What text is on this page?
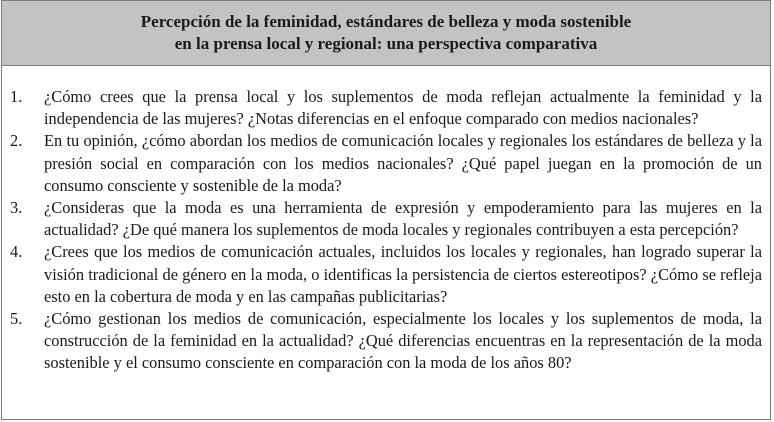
Percepción de la feminidad, estándares de belleza y moda sostenible
en la prensa local y regional: una perspectiva comparativa
1. ¿Cómo crees que la prensa local y los suplementos de moda reflejan actualmente la feminidad y la independencia de las mujeres? ¿Notas diferencias en el enfoque comparado con medios nacionales?
2. En tu opinión, ¿cómo abordan los medios de comunicación locales y regionales los estándares de belleza y la presión social en comparación con los medios nacionales? ¿Qué papel juegan en la promoción de un consumo consciente y sostenible de la moda?
3. ¿Consideras que la moda es una herramienta de expresión y empoderamiento para las mujeres en la actualidad? ¿De qué manera los suplementos de moda locales y regionales contribuyen a esta percepción?
4. ¿Crees que los medios de comunicación actuales, incluidos los locales y regionales, han logrado superar la visión tradicional de género en la moda, o identificas la persistencia de ciertos estereotipos? ¿Cómo se refleja esto en la cobertura de moda y en las campañas publicitarias?
5. ¿Cómo gestionan los medios de comunicación, especialmente los locales y los suplementos de moda, la construcción de la feminidad en la actualidad? ¿Qué diferencias encuentras en la representación de la moda sostenible y el consumo consciente en comparación con la moda de los años 80?
